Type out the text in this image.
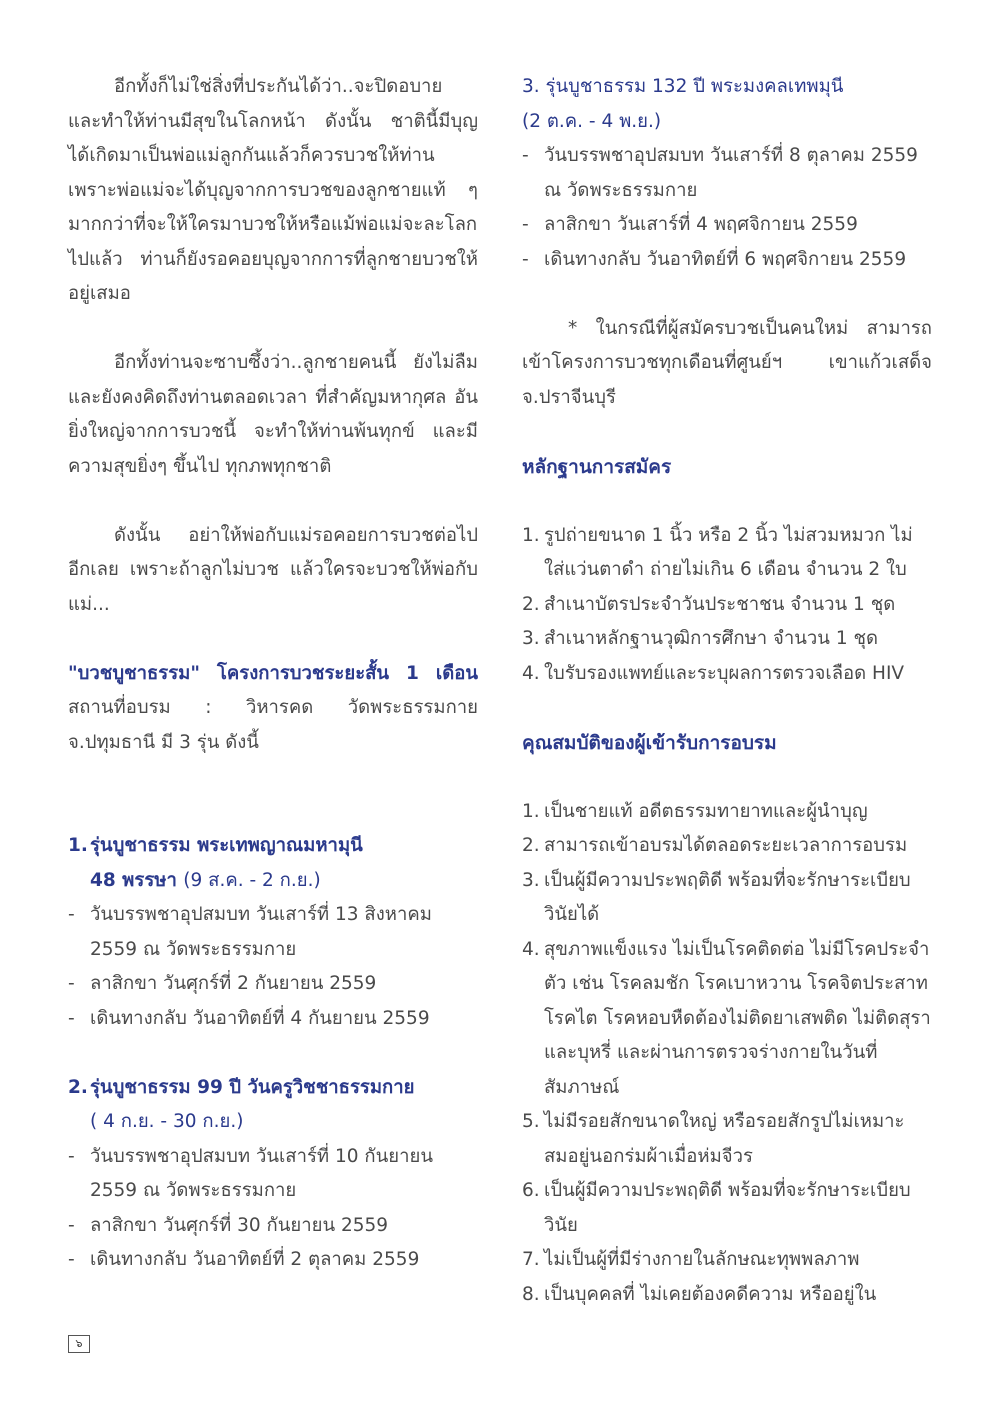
อีกทั้งก็ไม่ใช่สิ่งที่ประกันได้ว่า..จะปิดอบาย และทำให้ท่านมีสุขในโลกหน้า ดังนั้น ชาตินี้มีบุญ ได้เกิดมาเป็นพ่อแม่ลูกกันแล้วก็ควรบวชให้ท่าน เพราะพ่อแม่จะได้บุญจากการบวชของลูกชายแท้ ๆ มากกว่าที่จะให้ใครมาบวชให้หรือแม้พ่อแม่จะละโลกไปแล้ว ท่านก็ยังรอคอยบุญจากการที่ลูกชายบวชให้อยู่เสมอ

อีกทั้งท่านจะซาบซึ้งว่า..ลูกชายคนนี้ ยังไม่ลืม และยังคงคิดถึงท่านตลอดเวลา ที่สำคัญมหากุศล อันยิ่งใหญ่จากการบวชนี้ จะทำให้ท่านพ้นทุกข์ และมีความสุขยิ่งๆ ขึ้นไป ทุกภพทุกชาติ

ดังนั้น อย่าให้พ่อกับแม่รอคอยการบวชต่อไปอีกเลย เพราะถ้าลูกไม่บวช แล้วใครจะบวชให้พ่อกับแม่...

"บวชบูชาธรรม" โครงการบวชระยะสั้น 1 เดือน สถานที่อบรม : วิหารคด วัดพระธรรมกาย จ.ปทุมธานี มี 3 รุ่น ดังนี้

1. รุ่นบูชาธรรม พระเทพญาณมหามุนี
48 พรรษา (9 ส.ค. - 2 ก.ย.)
- วันบรรพชาอุปสมบท วันเสาร์ที่ 13 สิงหาคม 2559 ณ วัดพระธรรมกาย
- ลาสิกขา วันศุกร์ที่ 2 กันยายน 2559
- เดินทางกลับ วันอาทิตย์ที่ 4 กันยายน 2559
2. รุ่นบูชาธรรม 99 ปี วันครูวิชชาธรรมกาย
( 4 ก.ย. - 30 ก.ย.)
- วันบรรพชาอุปสมบท วันเสาร์ที่ 10 กันยายน 2559 ณ วัดพระธรรมกาย
- ลาสิกขา วันศุกร์ที่ 30 กันยายน 2559
- เดินทางกลับ วันอาทิตย์ที่ 2 ตุลาคม 2559
3. รุ่นบูชาธรรม 132 ปี พระมงคลเทพมุนี
(2 ต.ค. - 4 พ.ย.)
- วันบรรพชาอุปสมบท วันเสาร์ที่ 8 ตุลาคม 2559 ณ วัดพระธรรมกาย
- ลาสิกขา วันเสาร์ที่ 4 พฤศจิกายน 2559
- เดินทางกลับ วันอาทิตย์ที่ 6 พฤศจิกายน 2559

* ในกรณีที่ผู้สมัครบวชเป็นคนใหม่ สามารถเข้าโครงการบวชทุกเดือนที่ศูนย์ฯ เขาแก้วเสด็จ จ.ปราจีนบุรี

หลักฐานการสมัคร
1. รูปถ่ายขนาด 1 นิ้ว หรือ 2 นิ้ว ไม่สวมหมวก ไม่ใส่แว่นตาดำ ถ่ายไม่เกิน 6 เดือน จำนวน 2 ใบ
2. สำเนาบัตรประจำวันประชาชน จำนวน 1 ชุด
3. สำเนาหลักฐานวุฒิการศึกษา จำนวน 1 ชุด
4. ใบรับรองแพทย์และระบุผลการตรวจเลือด HIV
คุณสมบัติของผู้เข้ารับการอบรม
1. เป็นชายแท้ อดีตธรรมทายาทและผู้นำบุญ
2. สามารถเข้าอบรมได้ตลอดระยะเวลาการอบรม
3. เป็นผู้มีความประพฤติดี พร้อมที่จะรักษาระเบียบวินัยได้
4. สุขภาพแข็งแรง ไม่เป็นโรคติดต่อ ไม่มีโรคประจำตัว เช่น โรคลมชัก โรคเบาหวาน โรคจิตประสาท โรคไต โรคหอบหืดต้องไม่ติดยาเสพติด ไม่ติดสุราและบุหรี่ และผ่านการตรวจร่างกายในวันที่สัมภาษณ์
5. ไม่มีรอยสักขนาดใหญ่ หรือรอยสักรูปไม่เหมาะสมอยู่นอกร่มผ้าเมื่อห่มจีวร
6. เป็นผู้มีความประพฤติดี พร้อมที่จะรักษาระเบียบวินัย
7. ไม่เป็นผู้ที่มีร่างกายในลักษณะทุพพลภาพ
8. เป็นบุคคลที่ ไม่เคยต้องคดีความ หรืออยู่ใน
๖
